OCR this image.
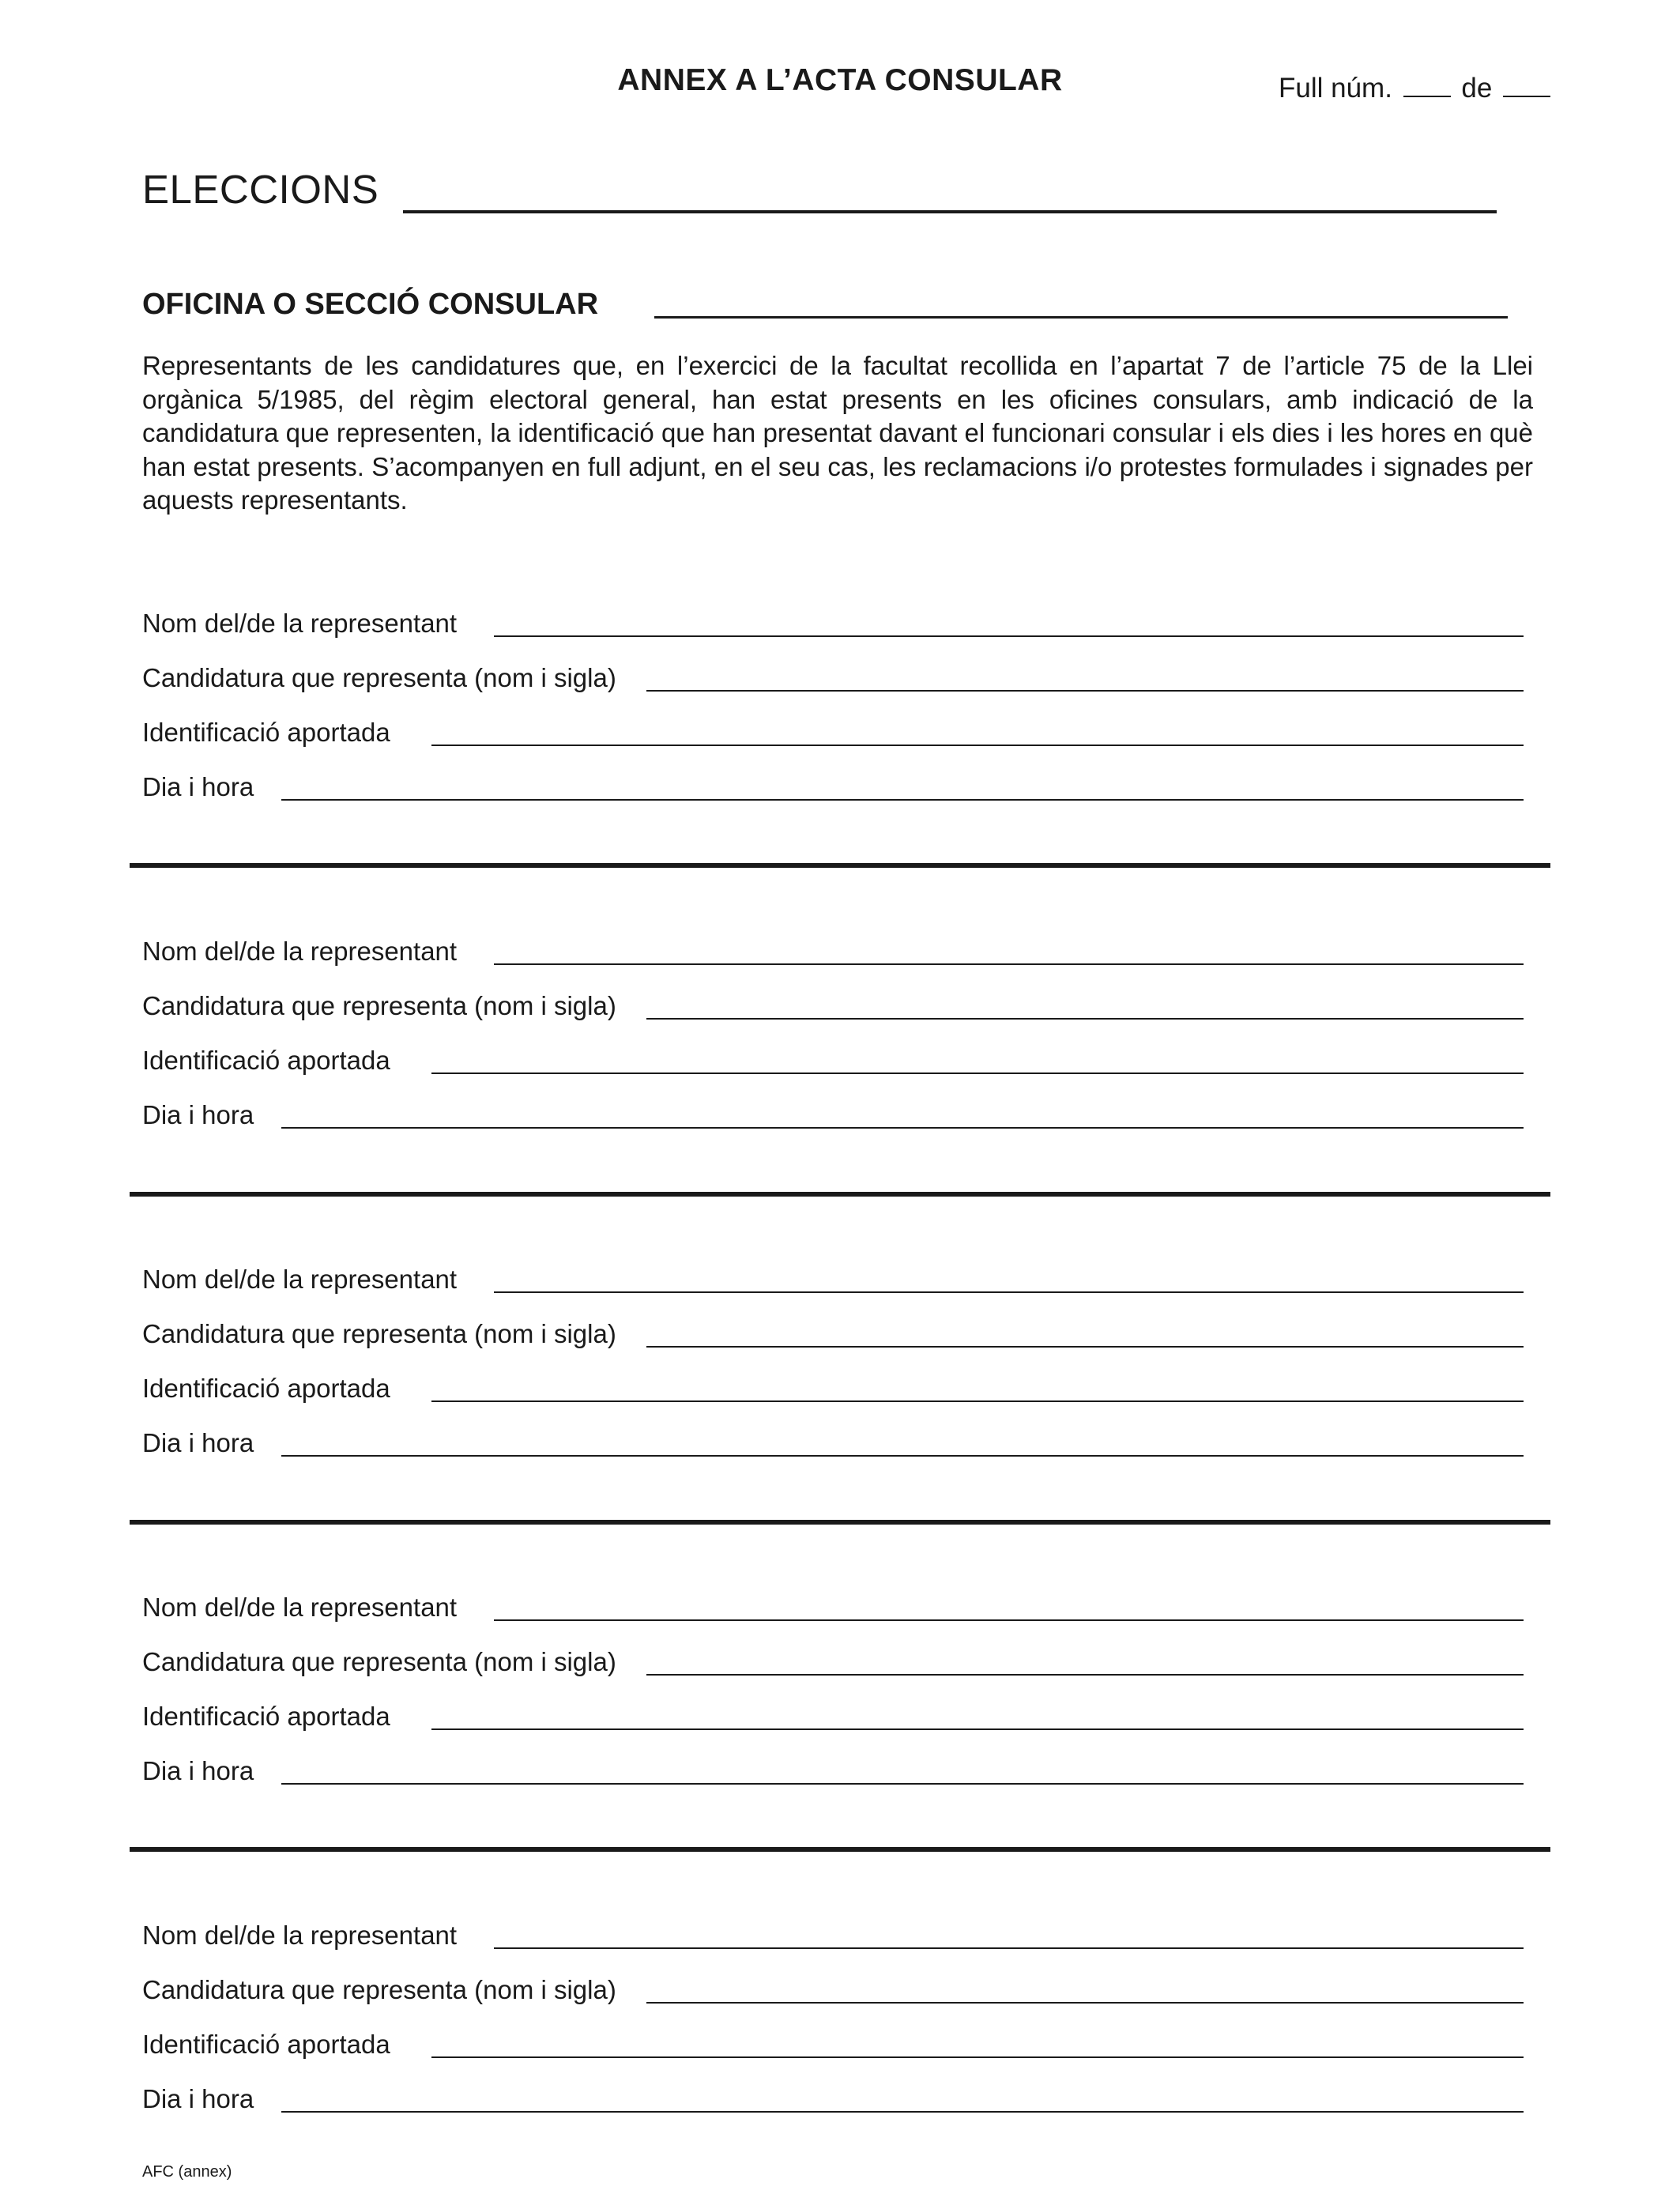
ANNEX A L’ACTA CONSULAR	Full núm. de
ELECCIONS
OFICINA O SECCIÓ CONSULAR
Representants de les candidatures que, en l’exercici de la facultat recollida en l’apartat 7 de l’article 75 de la Llei orgànica 5/1985, del règim electoral general, han estat presents en les oficines consulars, amb indicació de la candidatura que representen, la identificació que han presentat davant el funcionari consular i els dies i les hores en què han estat presents. S’acompanyen en full adjunt, en el seu cas, les reclamacions i/o protestes formulades i signades per aquests representants.
Nom del/de la representant
Candidatura que representa (nom i sigla)
Identificació aportada
Dia i hora
Nom del/de la representant
Candidatura que representa (nom i sigla)
Identificació aportada
Dia i hora
Nom del/de la representant
Candidatura que representa (nom i sigla)
Identificació aportada
Dia i hora
Nom del/de la representant
Candidatura que representa (nom i sigla)
Identificació aportada
Dia i hora
Nom del/de la representant
Candidatura que representa (nom i sigla)
Identificació aportada
Dia i hora
AFC (annex)
